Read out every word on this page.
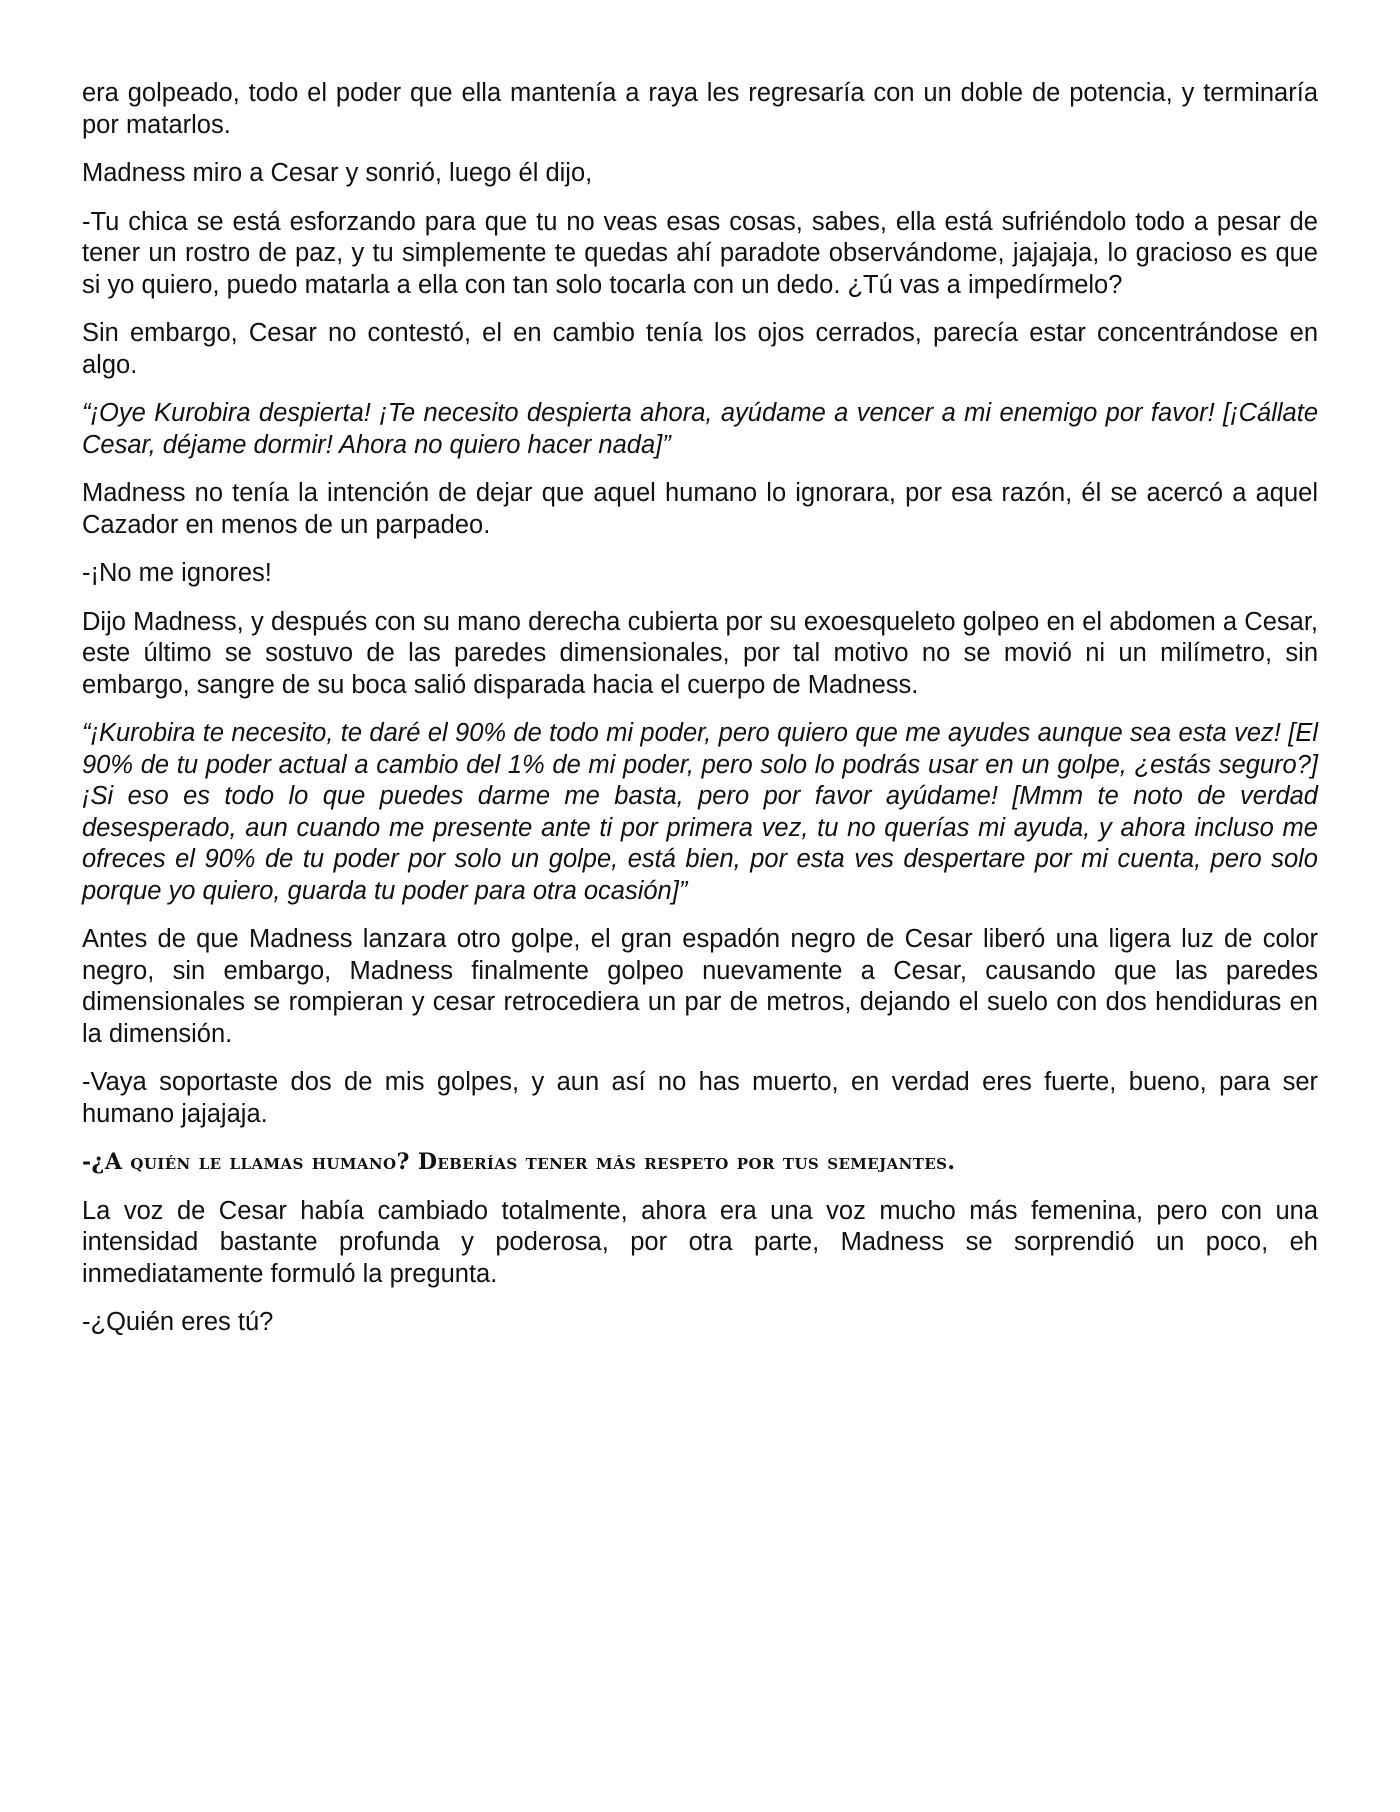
era golpeado, todo el poder que ella mantenía a raya les regresaría con un doble de potencia, y terminaría por matarlos.

Madness miro a Cesar y sonrió, luego él dijo,

-Tu chica se está esforzando para que tu no veas esas cosas, sabes, ella está sufriéndolo todo a pesar de tener un rostro de paz, y tu simplemente te quedas ahí paradote observándome, jajajaja, lo gracioso es que si yo quiero, puedo matarla a ella con tan solo tocarla con un dedo. ¿Tú vas a impedírmelo?

Sin embargo, Cesar no contestó, el en cambio tenía los ojos cerrados, parecía estar concentrándose en algo.

“¡Oye Kurobira despierta! ¡Te necesito despierta ahora, ayúdame a vencer a mi enemigo por favor! [¡Cállate Cesar, déjame dormir! Ahora no quiero hacer nada]”

Madness no tenía la intención de dejar que aquel humano lo ignorara, por esa razón, él se acercó a aquel Cazador en menos de un parpadeo.

-¡No me ignores!

Dijo Madness, y después con su mano derecha cubierta por su exoesqueleto golpeo en el abdomen a Cesar, este último se sostuvo de las paredes dimensionales, por tal motivo no se movió ni un milímetro, sin embargo, sangre de su boca salió disparada hacia el cuerpo de Madness.

“¡Kurobira te necesito, te daré el 90% de todo mi poder, pero quiero que me ayudes aunque sea esta vez! [El 90% de tu poder actual a cambio del 1% de mi poder, pero solo lo podrás usar en un golpe, ¿estás seguro?] ¡Si eso es todo lo que puedes darme me basta, pero por favor ayúdame! [Mmm te noto de verdad desesperado, aun cuando me presente ante ti por primera vez, tu no querías mi ayuda, y ahora incluso me ofreces el 90% de tu poder por solo un golpe, está bien, por esta ves despertare por mi cuenta, pero solo porque yo quiero, guarda tu poder para otra ocasión]”

Antes de que Madness lanzara otro golpe, el gran espadón negro de Cesar liberó una ligera luz de color negro, sin embargo, Madness finalmente golpeo nuevamente a Cesar, causando que las paredes dimensionales se rompieran y cesar retrocediera un par de metros, dejando el suelo con dos hendiduras en la dimensión.

-Vaya soportaste dos de mis golpes, y aun así no has muerto, en verdad eres fuerte, bueno, para ser humano jajajaja.

-¿A quién le llamas humano? Deberías tener más respeto por tus semejantes.

La voz de Cesar había cambiado totalmente, ahora era una voz mucho más femenina, pero con una intensidad bastante profunda y poderosa, por otra parte, Madness se sorprendió un poco, eh inmediatamente formuló la pregunta.

-¿Quién eres tú?
